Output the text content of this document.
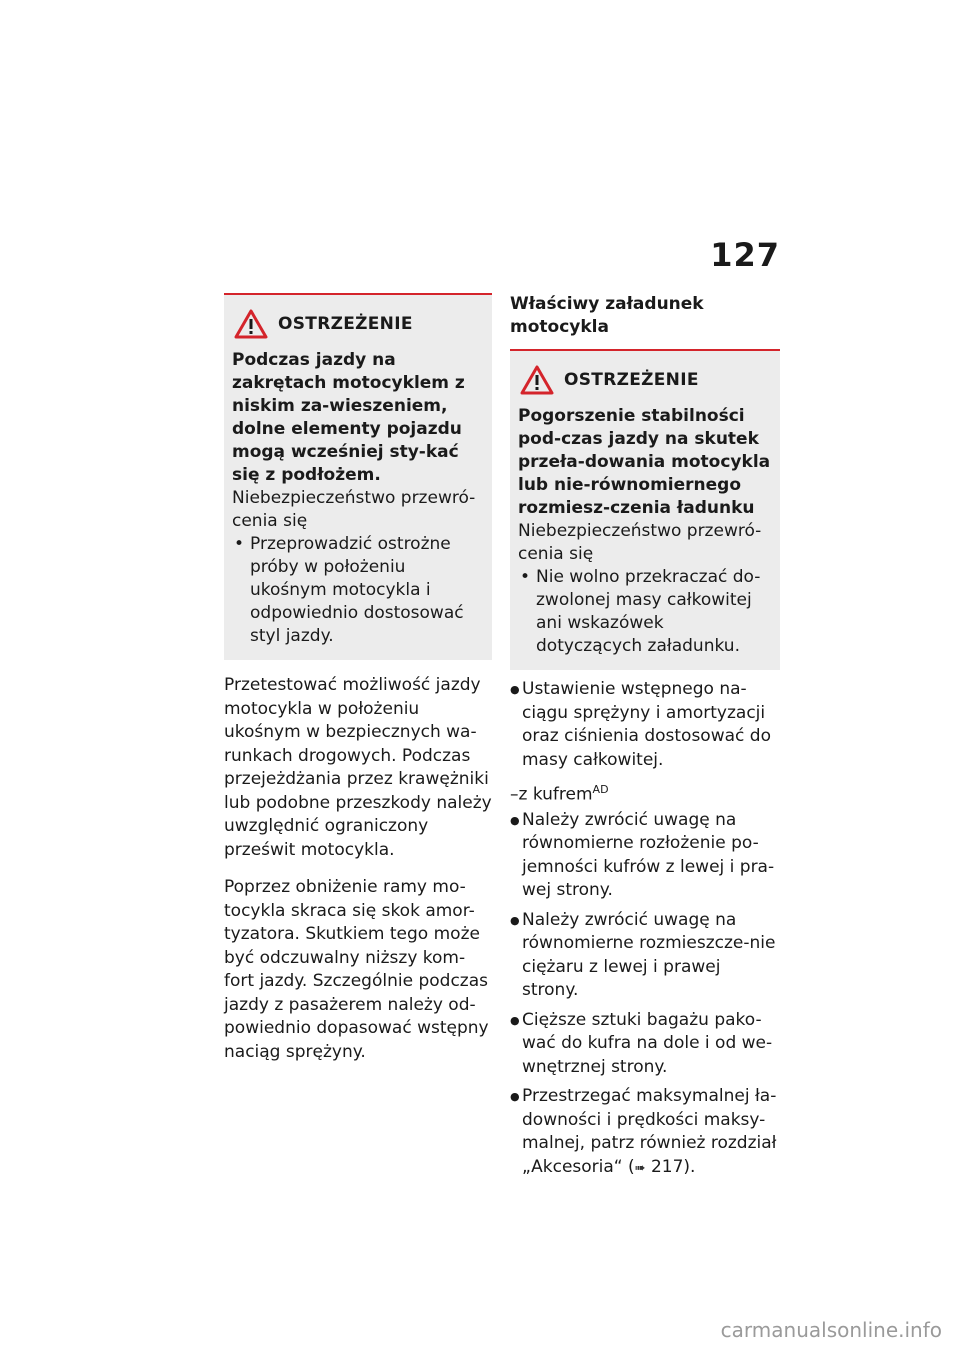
127
OSTRZEŻENIE
Podczas jazdy na zakrętach motocyklem z niskim za-wieszeniem, dolne elementy pojazdu mogą wcześniej sty-kać się z podłożem.
Niebezpieczeństwo przewró-cenia się
• Przeprowadzić ostrożne próby w położeniu ukośnym motocykla i odpowiednio dostosować styl jazdy.

Przetestować możliwość jazdy motocykla w położeniu ukośnym w bezpiecznych wa-runkach drogowych. Podczas przejeżdżania przez krawężniki lub podobne przeszkody należy uwzględnić ograniczony prześwit motocykla.

Poprzez obniżenie ramy mo-tocykla skraca się skok amor-tyzatora. Skutkiem tego może być odczuwalny niższy kom-fort jazdy. Szczególnie podczas jazdy z pasażerem należy od-powiednio dopasować wstępny naciąg sprężyny.

Właściwy załadunek motocykla
OSTRZEŻENIE
Pogorszenie stabilności pod-czas jazdy na skutek przeła-dowania motocykla lub nie-równomiernego rozmiesz-czenia ładunku
Niebezpieczeństwo przewró-cenia się
• Nie wolno przekraczać do-zwolonej masy całkowitej ani wskazówek dotyczących załadunku.
● Ustawienie wstępnego na-ciągu sprężyny i amortyzacji oraz ciśnienia dostosować do masy całkowitej.
–z kufrem$^{AD}$
● Należy zwrócić uwagę na równomierne rozłożenie po-jemności kufrów z lewej i pra-wej strony.
● Należy zwrócić uwagę na równomierne rozmieszcze-nie ciężaru z lewej i prawej strony.
● Cięższe sztuki bagażu pako-wać do kufra na dole i od we-wnętrznej strony.
● Przestrzegać maksymalnej ła-downości i prędkości maksy-malnej, patrz również rozdział „Akcesoria“ (➠ 217).
carmanualsonline.info
